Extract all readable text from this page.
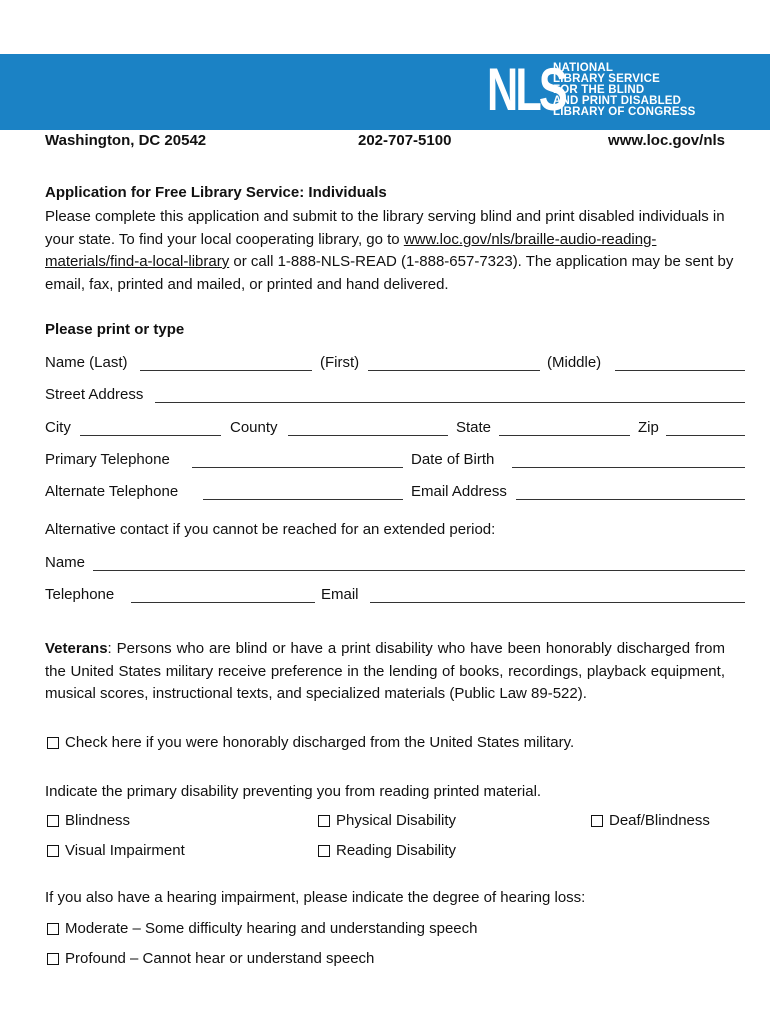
NLS
NATIONAL
LIBRARY SERVICE
FOR THE BLIND
AND PRINT DISABLED
LIBRARY OF CONGRESS
Washington, DC 20542	202-707-5100	www.loc.gov/nls
Application for Free Library Service: Individuals
Please complete this application and submit to the library serving blind and print disabled individuals in your state. To find your local cooperating library, go to www.loc.gov/nls/braille-audio-reading-materials/find-a-local-library or call 1-888-NLS-READ (1-888-657-7323). The application may be sent by email, fax, printed and mailed, or printed and hand delivered.
Please print or type
Name (Last)	(First)	(Middle)
Street Address
City	County	State	Zip
Primary Telephone	Date of Birth
Alternate Telephone	Email Address
Alternative contact if you cannot be reached for an extended period:
Name
Telephone	Email
Veterans: Persons who are blind or have a print disability who have been honorably discharged from the United States military receive preference in the lending of books, recordings, playback equipment, musical scores, instructional texts, and specialized materials (Public Law 89-522).
Check here if you were honorably discharged from the United States military.
Indicate the primary disability preventing you from reading printed material.
Blindness	Physical Disability	Deaf/Blindness
Visual Impairment	Reading Disability
If you also have a hearing impairment, please indicate the degree of hearing loss:
Moderate – Some difficulty hearing and understanding speech
Profound – Cannot hear or understand speech
